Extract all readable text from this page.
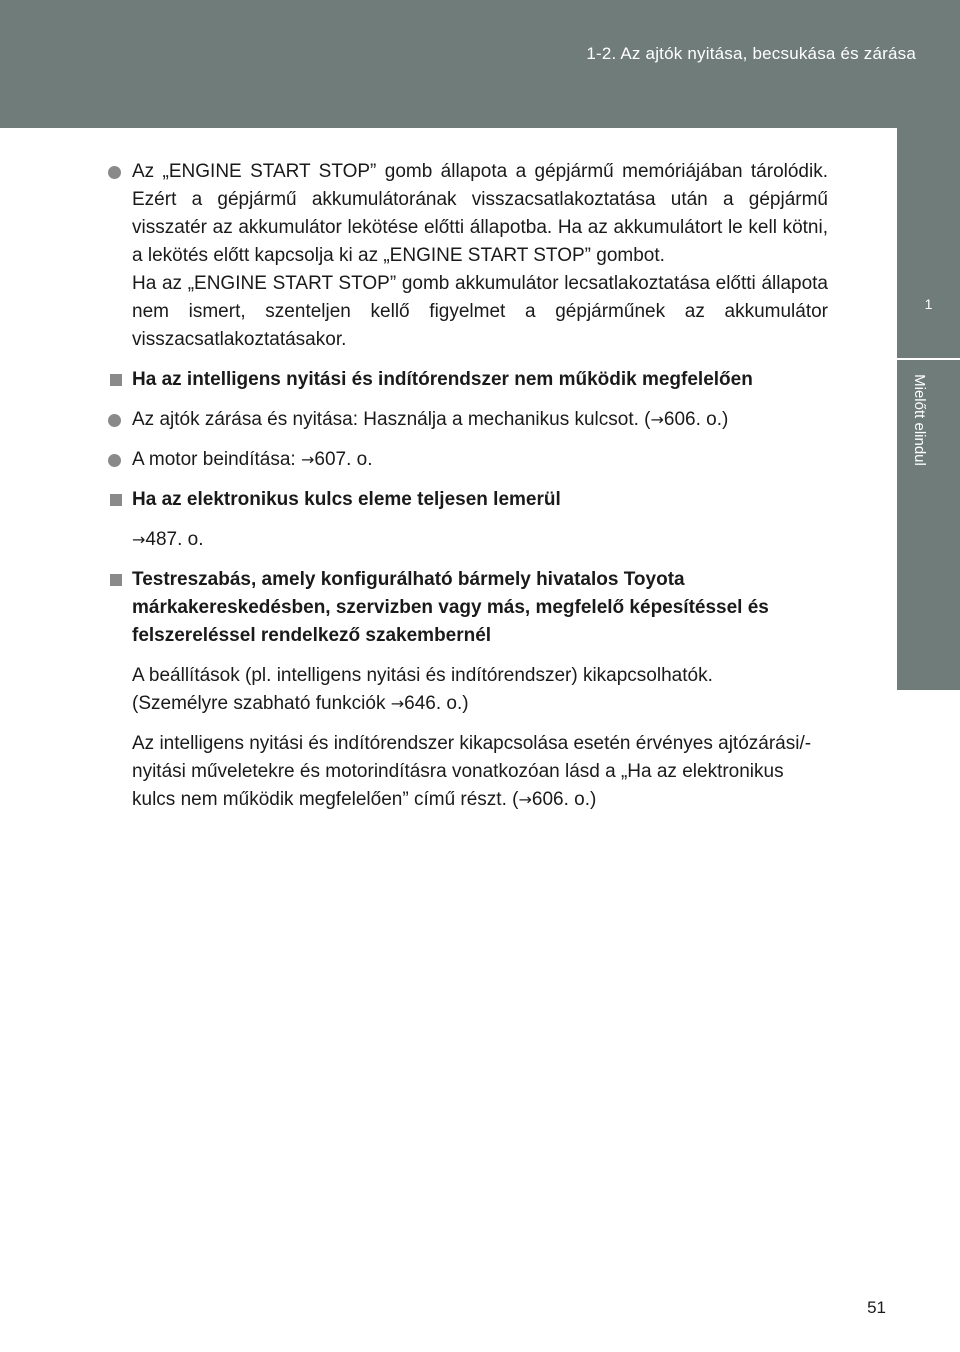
1-2. Az ajtók nyitása, becsukása és zárása
1
Mielőtt elindul

Az „ENGINE START STOP” gomb állapota a gépjármű memóriájában tárolódik. Ezért a gépjármű akkumulátorának visszacsatlakoztatása után a gépjármű visszatér az akkumulátor lekötése előtti állapotba. Ha az akkumulátort le kell kötni, a lekötés előtt kapcsolja ki az „ENGINE START STOP” gombot.

Ha az „ENGINE START STOP” gomb akkumulátor lecsatlakoztatása előtti állapota nem ismert, szenteljen kellő figyelmet a gépjárműnek az akkumulátor visszacsatlakoztatásakor.

Ha az intelligens nyitási és indítórendszer nem működik megfelelően

Az ajtók zárása és nyitása: Használja a mechanikus kulcsot. (→606. o.)

A motor beindítása: →607. o.

Ha az elektronikus kulcs eleme teljesen lemerül

→487. o.

Testreszabás, amely konfigurálható bármely hivatalos Toyota márkakereskedésben, szervizben vagy más, megfelelő képesítéssel és felszereléssel rendelkező szakembernél

A beállítások (pl. intelligens nyitási és indítórendszer) kikapcsolhatók.
(Személyre szabható funkciók →646. o.)

Az intelligens nyitási és indítórendszer kikapcsolása esetén érvényes ajtózárási/-nyitási műveletekre és motorindításra vonatkozóan lásd a „Ha az elektronikus kulcs nem működik megfelelően” című részt. (→606. o.)

51
